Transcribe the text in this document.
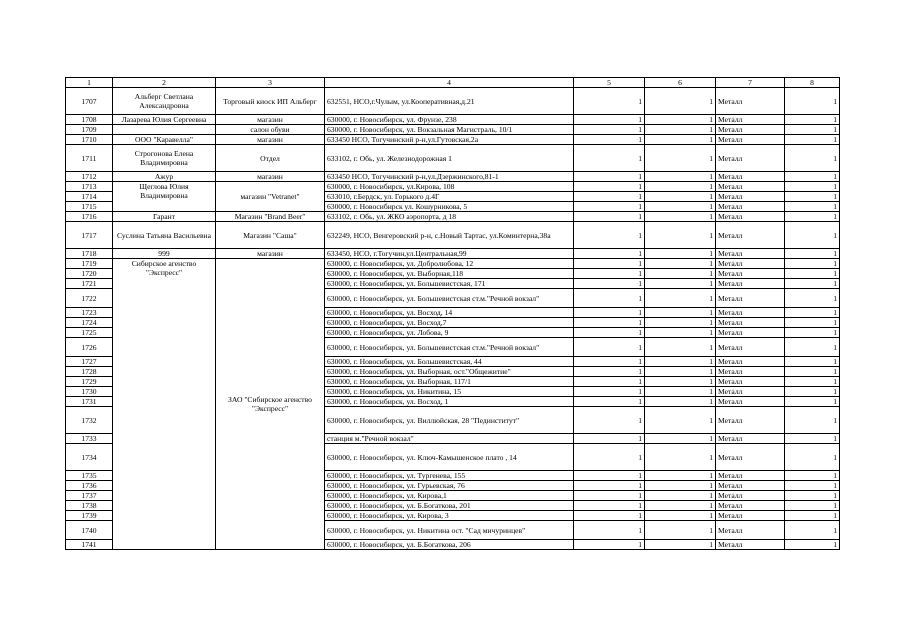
1	2	3	4	5	6	7	8
1707	Альберг Светлана Александровна	Торговый киоск ИП Альберг	632551, НСО,г.Чулым, ул.Кооперативная,д.21	1	1	Металл	1
1708	Лазарева Юлия Сергеевна	магазин	630000, г. Новосибирск, ул. Фрунзе, 238	1	1	Металл	1
1709		салон обуви	630000, г. Новосибирск, ул. Вокзальная Магистраль, 10/1	1	1	Металл	1
1710	ООО "Каравелла"	магазин	633450 НСО, Тогучинский р-н,ул.Гутовская,2а	1	1	Металл	1
1711	Строгонова Елена Владимировна	Отдел	633102, г. Обь, ул. Железнодорожная 1	1	1	Металл	1
1712	Ажур	магазин	633450 НСО, Тогучинский р-н,ул.Дзержинского,81-1	1	1	Металл	1
1713	Щеглова Юлия
Владимировна	магазин "Vetranet"	630000, г. Новосибирск, ул.Кирова, 108	1	1	Металл	1
1714			633010, г.Бердск, ул. Горького д.4Г	1	1	Металл	1
1715			630000, г. Новосибирск ул. Кошурникова, 5	1	1	Металл	1
1716	Гарант	Магазин "Brand Beer"	633102, г. Обь, ул. ЖКО аэропорта, д 18	1	1	Металл	1
1717	Суслина Татьяна Васильевна	Магазин "Саша"	632249, НСО, Венгеровский р-н, с.Новый Тартас, ул.Коминтерна,38а	1	1	Металл	1
1718	999	магазин	633450, НСО, г.Тогучин,ул.Центральная,99	1	1	Металл	1
1719	Сибирское агенство "Экспресс"	ЗАО "Сибирское агенство "Экспресс"	630000, г. Новосибирск, ул. Добролюбова, 12	1	1	Металл	1
1720			630000, г. Новосибирск, ул. Выборная,118	1	1	Металл	1
1721			630000, г. Новосибирск, ул. Большевистская, 171	1	1	Металл	1
1722			630000, г. Новосибирск, ул. Большевистская ст.м."Речной вокзал"	1	1	Металл	1
1723			630000, г. Новосибирск, ул. Восход, 14	1	1	Металл	1
1724			630000, г. Новосибирск, ул. Восход,7	1	1	Металл	1
1725			630000, г. Новосибирск, ул. Лобова, 9	1	1	Металл	1
1726			630000, г. Новосибирск, ул. Большевистская ст.м."Речной вокзал"	1	1	Металл	1
1727			630000, г. Новосибирск, ул. Большевистская, 44	1	1	Металл	1
1728			630000, г. Новосибирск, ул. Выборная, ост."Общежитие"	1	1	Металл	1
1729			630000, г. Новосибирск, ул. Выборная, 117/1	1	1	Металл	1
1730			630000, г. Новосибирск, ул. Никитина, 15	1	1	Металл	1
1731			630000, г. Новосибирск, ул. Восход, 1	1	1	Металл	1
1732			630000, г. Новосибирск, ул. Виллюйская, 28 "Пединститут"	1	1	Металл	1
1733			станция м."Речной вокзал"	1	1	Металл	1
1734			630000, г. Новосибирск, ул. Ключ-Камышенское плато , 14	1	1	Металл	1
1735			630000, г. Новосибирск, ул. Тургенева, 155	1	1	Металл	1
1736			630000, г. Новосибирск, ул. Гурьевская, 76	1	1	Металл	1
1737			630000, г. Новосибирск, ул. Кирова,1	1	1	Металл	1
1738			630000, г. Новосибирск, ул. Б.Богаткова, 201	1	1	Металл	1
1739			630000, г. Новосибирск, ул. Кирова, 3	1	1	Металл	1
1740			630000, г. Новосибирск, ул. Никитина ост. "Сад мичуринцев"	1	1	Металл	1
1741			630000, г. Новосибирск, ул. Б.Богаткова, 206	1	1	Металл	1
